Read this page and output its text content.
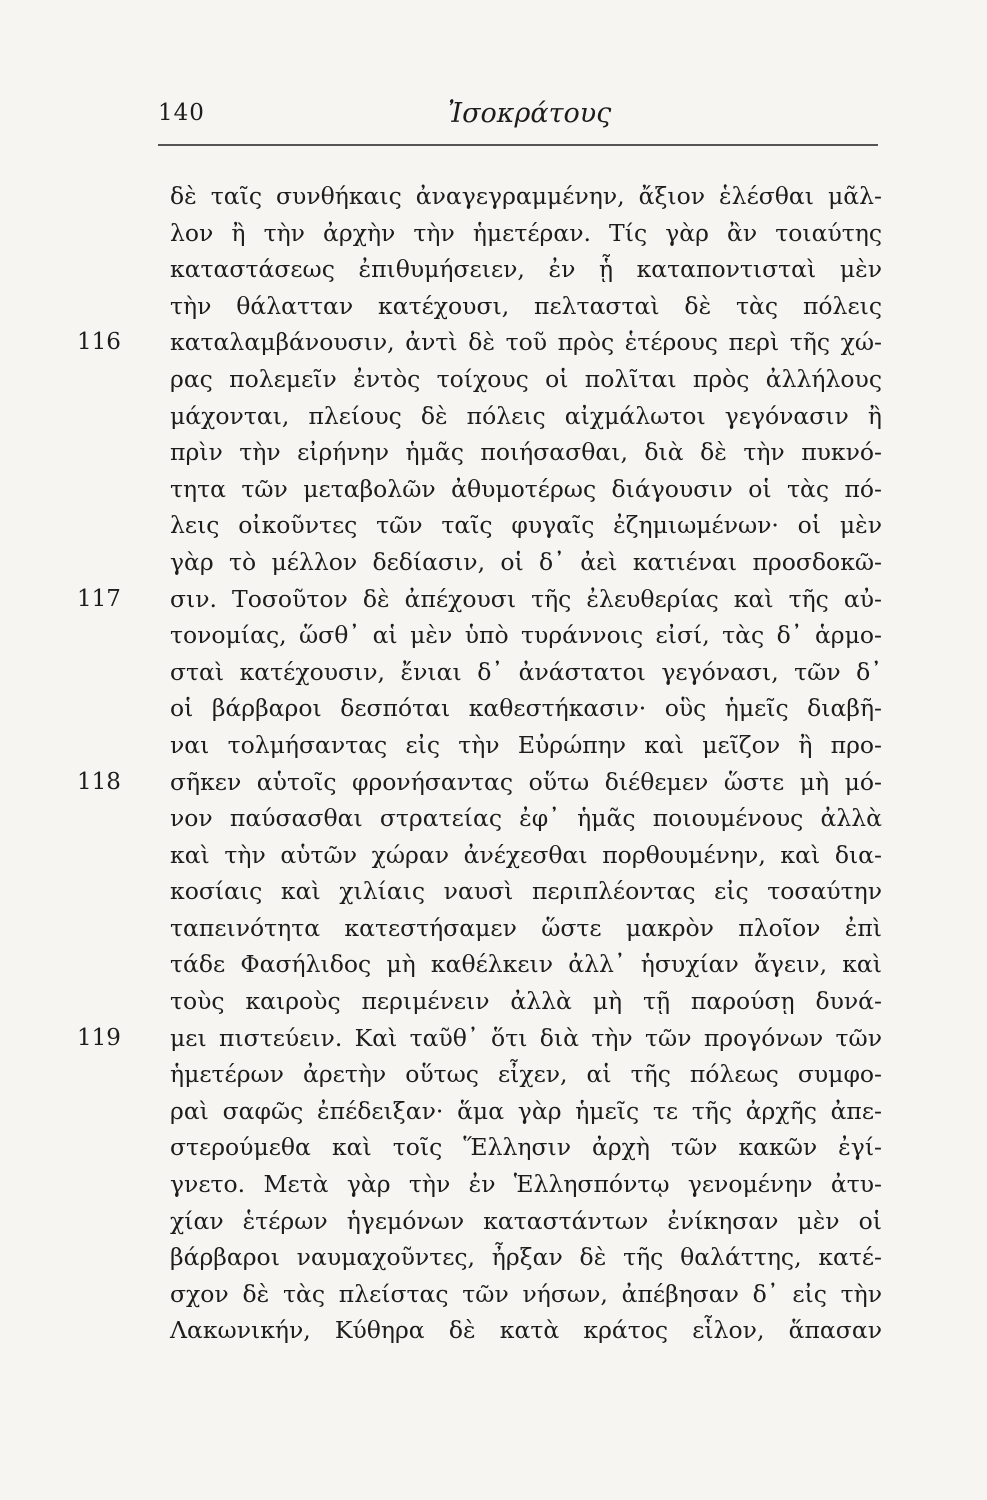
140	Ἰσοκράτους
δὲ ταῖς συνθήκαις ἀναγεγραμμένην, ἄξιον ἑλέσθαι μᾶλ-
λον ἢ τὴν ἀρχὴν τὴν ἡμετέραν. Τίς γὰρ ἂν τοιαύτης
καταστάσεως ἐπιθυμήσειεν, ἐν ᾗ καταποντισταὶ μὲν
τὴν θάλατταν κατέχουσι, πελτασταὶ δὲ τὰς πόλεις
116	καταλαμβάνουσιν, ἀντὶ δὲ τοῦ πρὸς ἑτέρους περὶ τῆς χώ-
ρας πολεμεῖν ἐντὸς τοίχους οἱ πολῖται πρὸς ἀλλήλους
μάχονται, πλείους δὲ πόλεις αἰχμάλωτοι γεγόνασιν ἢ
πρὶν τὴν εἰρήνην ἡμᾶς ποιήσασθαι, διὰ δὲ τὴν πυκνό-
τητα τῶν μεταβολῶν ἀθυμοτέρως διάγουσιν οἱ τὰς πό-
λεις οἰκοῦντες τῶν ταῖς φυγαῖς ἐζημιωμένων· οἱ μὲν
γὰρ τὸ μέλλον δεδίασιν, οἱ δ᾽ ἀεὶ κατιέναι προσδοκῶ-
117	σιν. Τοσοῦτον δὲ ἀπέχουσι τῆς ἐλευθερίας καὶ τῆς αὐ-
τονομίας, ὥσθ᾽ αἱ μὲν ὑπὸ τυράννοις εἰσί, τὰς δ᾽ ἁρμο-
σταὶ κατέχουσιν, ἔνιαι δ᾽ ἀνάστατοι γεγόνασι, τῶν δ᾽
οἱ βάρβαροι δεσπόται καθεστήκασιν· οὓς ἡμεῖς διαβῆ-
ναι τολμήσαντας εἰς τὴν Εὐρώπην καὶ μεῖζον ἢ προ-
118	σῆκεν αὑτοῖς φρονήσαντας οὕτω διέθεμεν ὥστε μὴ μό-
νον παύσασθαι στρατείας ἐφ᾽ ἡμᾶς ποιουμένους ἀλλὰ
καὶ τὴν αὑτῶν χώραν ἀνέχεσθαι πορθουμένην, καὶ δια-
κοσίαις καὶ χιλίαις ναυσὶ περιπλέοντας εἰς τοσαύτην
ταπεινότητα κατεστήσαμεν ὥστε μακρὸν πλοῖον ἐπὶ
τάδε Φασήλιδος μὴ καθέλκειν ἀλλ᾽ ἡσυχίαν ἄγειν, καὶ
τοὺς καιροὺς περιμένειν ἀλλὰ μὴ τῇ παρούσῃ δυνά-
119	μει πιστεύειν. Καὶ ταῦθ᾽ ὅτι διὰ τὴν τῶν προγόνων τῶν
ἡμετέρων ἀρετὴν οὕτως εἶχεν, αἱ τῆς πόλεως συμφο-
ραὶ σαφῶς ἐπέδειξαν· ἅμα γὰρ ἡμεῖς τε τῆς ἀρχῆς ἀπε-
στερούμεθα καὶ τοῖς Ἕλλησιν ἀρχὴ τῶν κακῶν ἐγί-
γνετο. Μετὰ γὰρ τὴν ἐν Ἑλλησπόντῳ γενομένην ἀτυ-
χίαν ἑτέρων ἡγεμόνων καταστάντων ἐνίκησαν μὲν οἱ
βάρβαροι ναυμαχοῦντες, ἦρξαν δὲ τῆς θαλάττης, κατέ-
σχον δὲ τὰς πλείστας τῶν νήσων, ἀπέβησαν δ᾽ εἰς τὴν
Λακωνικήν, Κύθηρα δὲ κατὰ κράτος εἷλον, ἅπασαν
